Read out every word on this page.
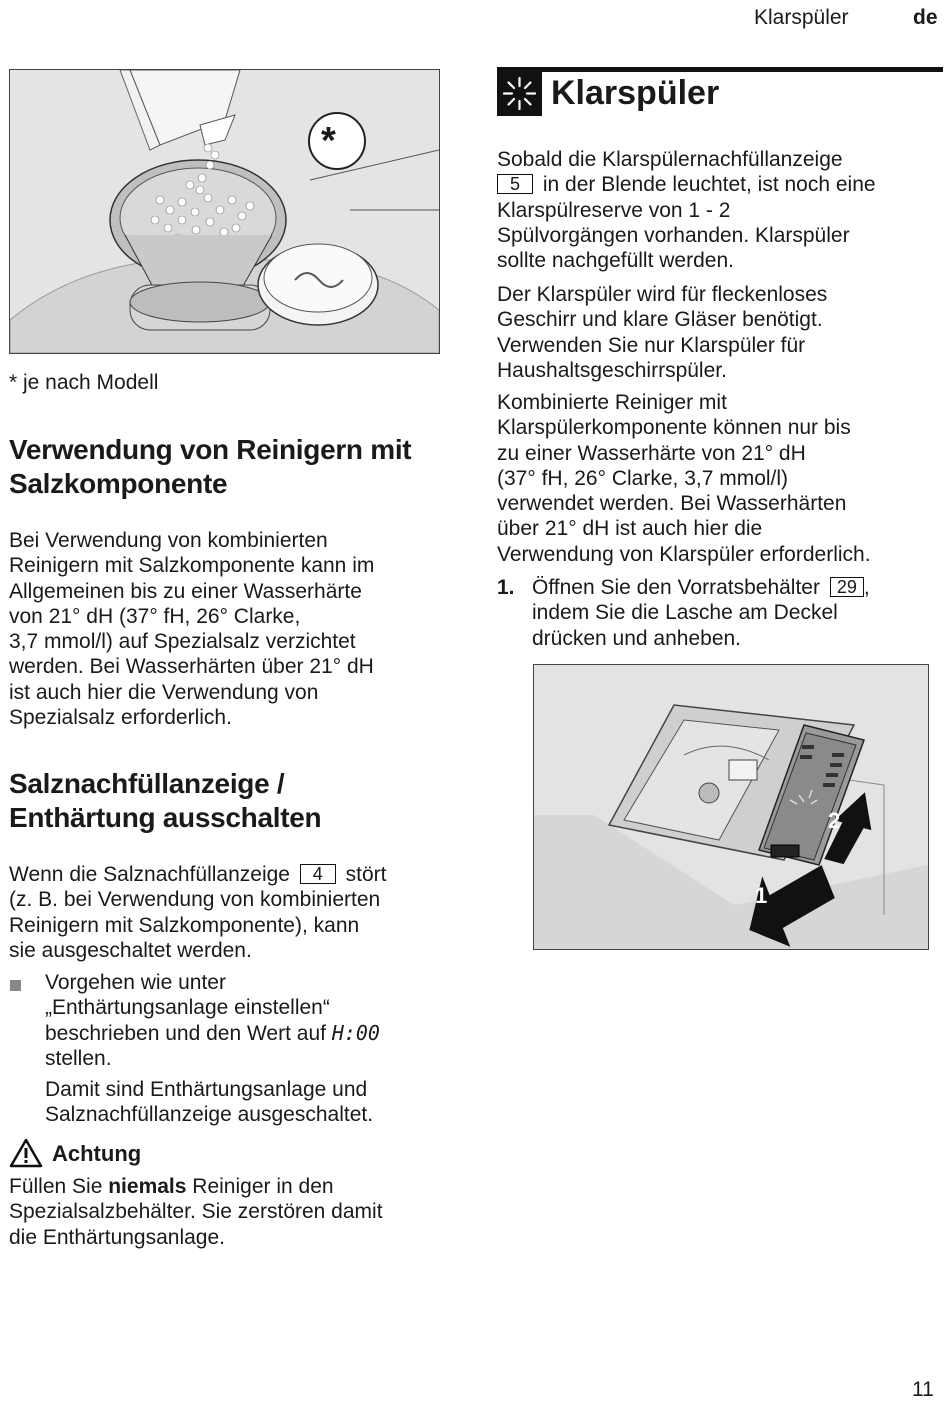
Klarspüler	de
*
* je nach Modell
Verwendung von Reinigern mit
Salzkomponente

Bei Verwendung von kombinierten

Reinigern mit Salzkomponente kann im

Allgemeinen bis zu einer Wasserhärte

von 21° dH (37° fH, 26° Clarke,

3,7 mmol/l) auf Spezialsalz verzichtet

werden. Bei Wasserhärten über 21° dH

ist auch hier die Verwendung von

Spezialsalz erforderlich.

Salznachfüllanzeige /
Enthärtung ausschalten

Wenn die Salznachfüllanzeige 4 stört

(z. B. bei Verwendung von kombinierten

Reinigern mit Salzkomponente), kann

sie ausgeschaltet werden.

Vorgehen wie unter

„Enthärtungsanlage einstellen“

beschrieben und den Wert auf H:00

stellen.

Damit sind Enthärtungsanlage und

Salznachfüllanzeige ausgeschaltet.

Achtung

Füllen Sie niemals Reiniger in den

Spezialsalzbehälter. Sie zerstören damit

die Enthärtungsanlage.

Klarspüler

Sobald die Klarspülernachfüllanzeige

5 in der Blende leuchtet, ist noch eine

Klarspülreserve von 1 - 2

Spülvorgängen vorhanden. Klarspüler

sollte nachgefüllt werden.

Der Klarspüler wird für fleckenloses

Geschirr und klare Gläser benötigt.

Verwenden Sie nur Klarspüler für

Haushaltsgeschirrspüler.

Kombinierte Reiniger mit

Klarspülerkomponente können nur bis

zu einer Wasserhärte von 21° dH

(37° fH, 26° Clarke, 3,7 mmol/l)

verwendet werden. Bei Wasserhärten

über 21° dH ist auch hier die

Verwendung von Klarspüler erforderlich.

1. Öffnen Sie den Vorratsbehälter 29 ,

indem Sie die Lasche am Deckel

drücken und anheben.

1
2
11
